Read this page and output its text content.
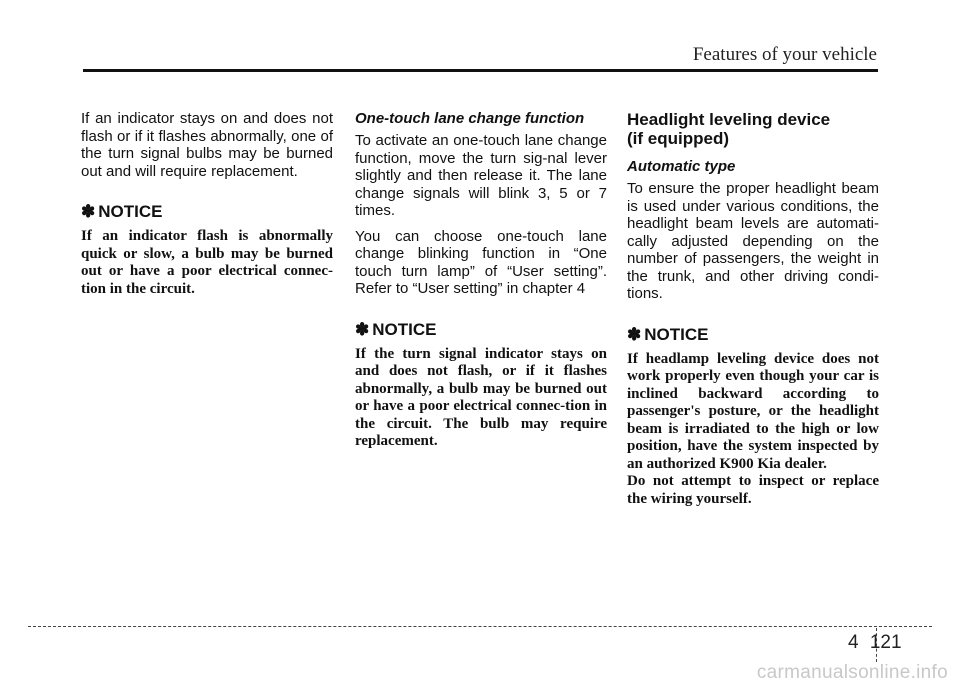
Features of your vehicle

If an indicator stays on and does not flash or if it flashes abnormally, one of the turn signal bulbs may be burned out and will require replacement.

✽ NOTICE

If an indicator flash is abnormally quick or slow, a bulb may be burned out or have a poor electrical connec-tion in the circuit.

One-touch lane change function

To activate an one-touch lane change function, move the turn sig-nal lever slightly and then release it. The lane change signals will blink 3, 5 or 7 times.

You can choose one-touch lane change blinking function in “One touch turn lamp” of “User setting”. Refer to “User setting” in chapter 4

✽ NOTICE

If the turn signal indicator stays on and does not flash, or if it flashes abnormally, a bulb may be burned out or have a poor electrical connec-tion in the circuit. The bulb may require replacement.

Headlight leveling device
(if equipped)

Automatic type

To ensure the proper headlight beam is used under various conditions, the headlight beam levels are automati-cally adjusted depending on the number of passengers, the weight in the trunk, and other driving condi-tions.

✽ NOTICE

If headlamp leveling device does not work properly even though your car is inclined backward according to passenger's posture, or the headlight beam is irradiated to the high or low position, have the system inspected by an authorized K900 Kia dealer.

Do not attempt to inspect or replace the wiring yourself.

4 121
carmanualsonline.info
